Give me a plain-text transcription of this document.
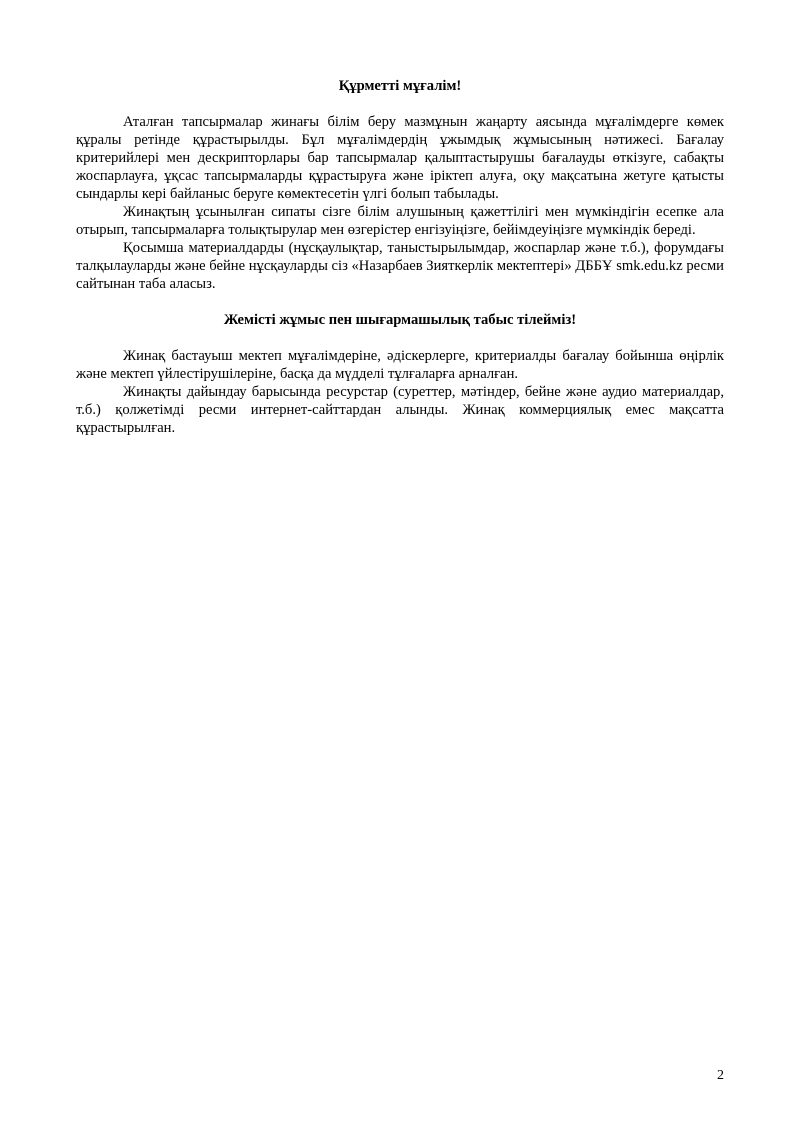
Құрметті мұғалім!

Аталған тапсырмалар жинағы білім беру мазмұнын жаңарту аясында мұғалімдерге көмек құралы ретінде құрастырылды. Бұл мұғалімдердің ұжымдық жұмысының нәтижесі. Бағалау критерийлері мен дескрипторлары бар тапсырмалар қалыптастырушы бағалауды өткізуге, сабақты жоспарлауға, ұқсас тапсырмаларды құрастыруға және іріктеп алуға, оқу мақсатына жетуге қатысты сындарлы кері байланыс беруге көмектесетін үлгі болып табылады.

Жинақтың ұсынылған сипаты сізге білім алушының қажеттілігі мен мүмкіндігін есепке ала отырып, тапсырмаларға толықтырулар мен өзгерістер енгізуіңізге, бейімдеуіңізге мүмкіндік береді.

Қосымша материалдарды (нұсқаулықтар, таныстырылымдар, жоспарлар және т.б.), форумдағы талқылауларды және бейне нұсқауларды сіз «Назарбаев Зияткерлік мектептері» ДББҰ smk.edu.kz ресми сайтынан таба аласыз.

Жемісті жұмыс пен шығармашылық табыс тілейміз!

Жинақ бастауыш мектеп мұғалімдеріне, әдіскерлерге, критериалды бағалау бойынша өңірлік және мектеп үйлестірушілеріне, басқа да мүдделі тұлғаларға арналған.

Жинақты дайындау барысында ресурстар (суреттер, мәтіндер, бейне және аудио материалдар, т.б.) қолжетімді ресми интернет-сайттардан алынды. Жинақ коммерциялық емес мақсатта құрастырылған.

2
